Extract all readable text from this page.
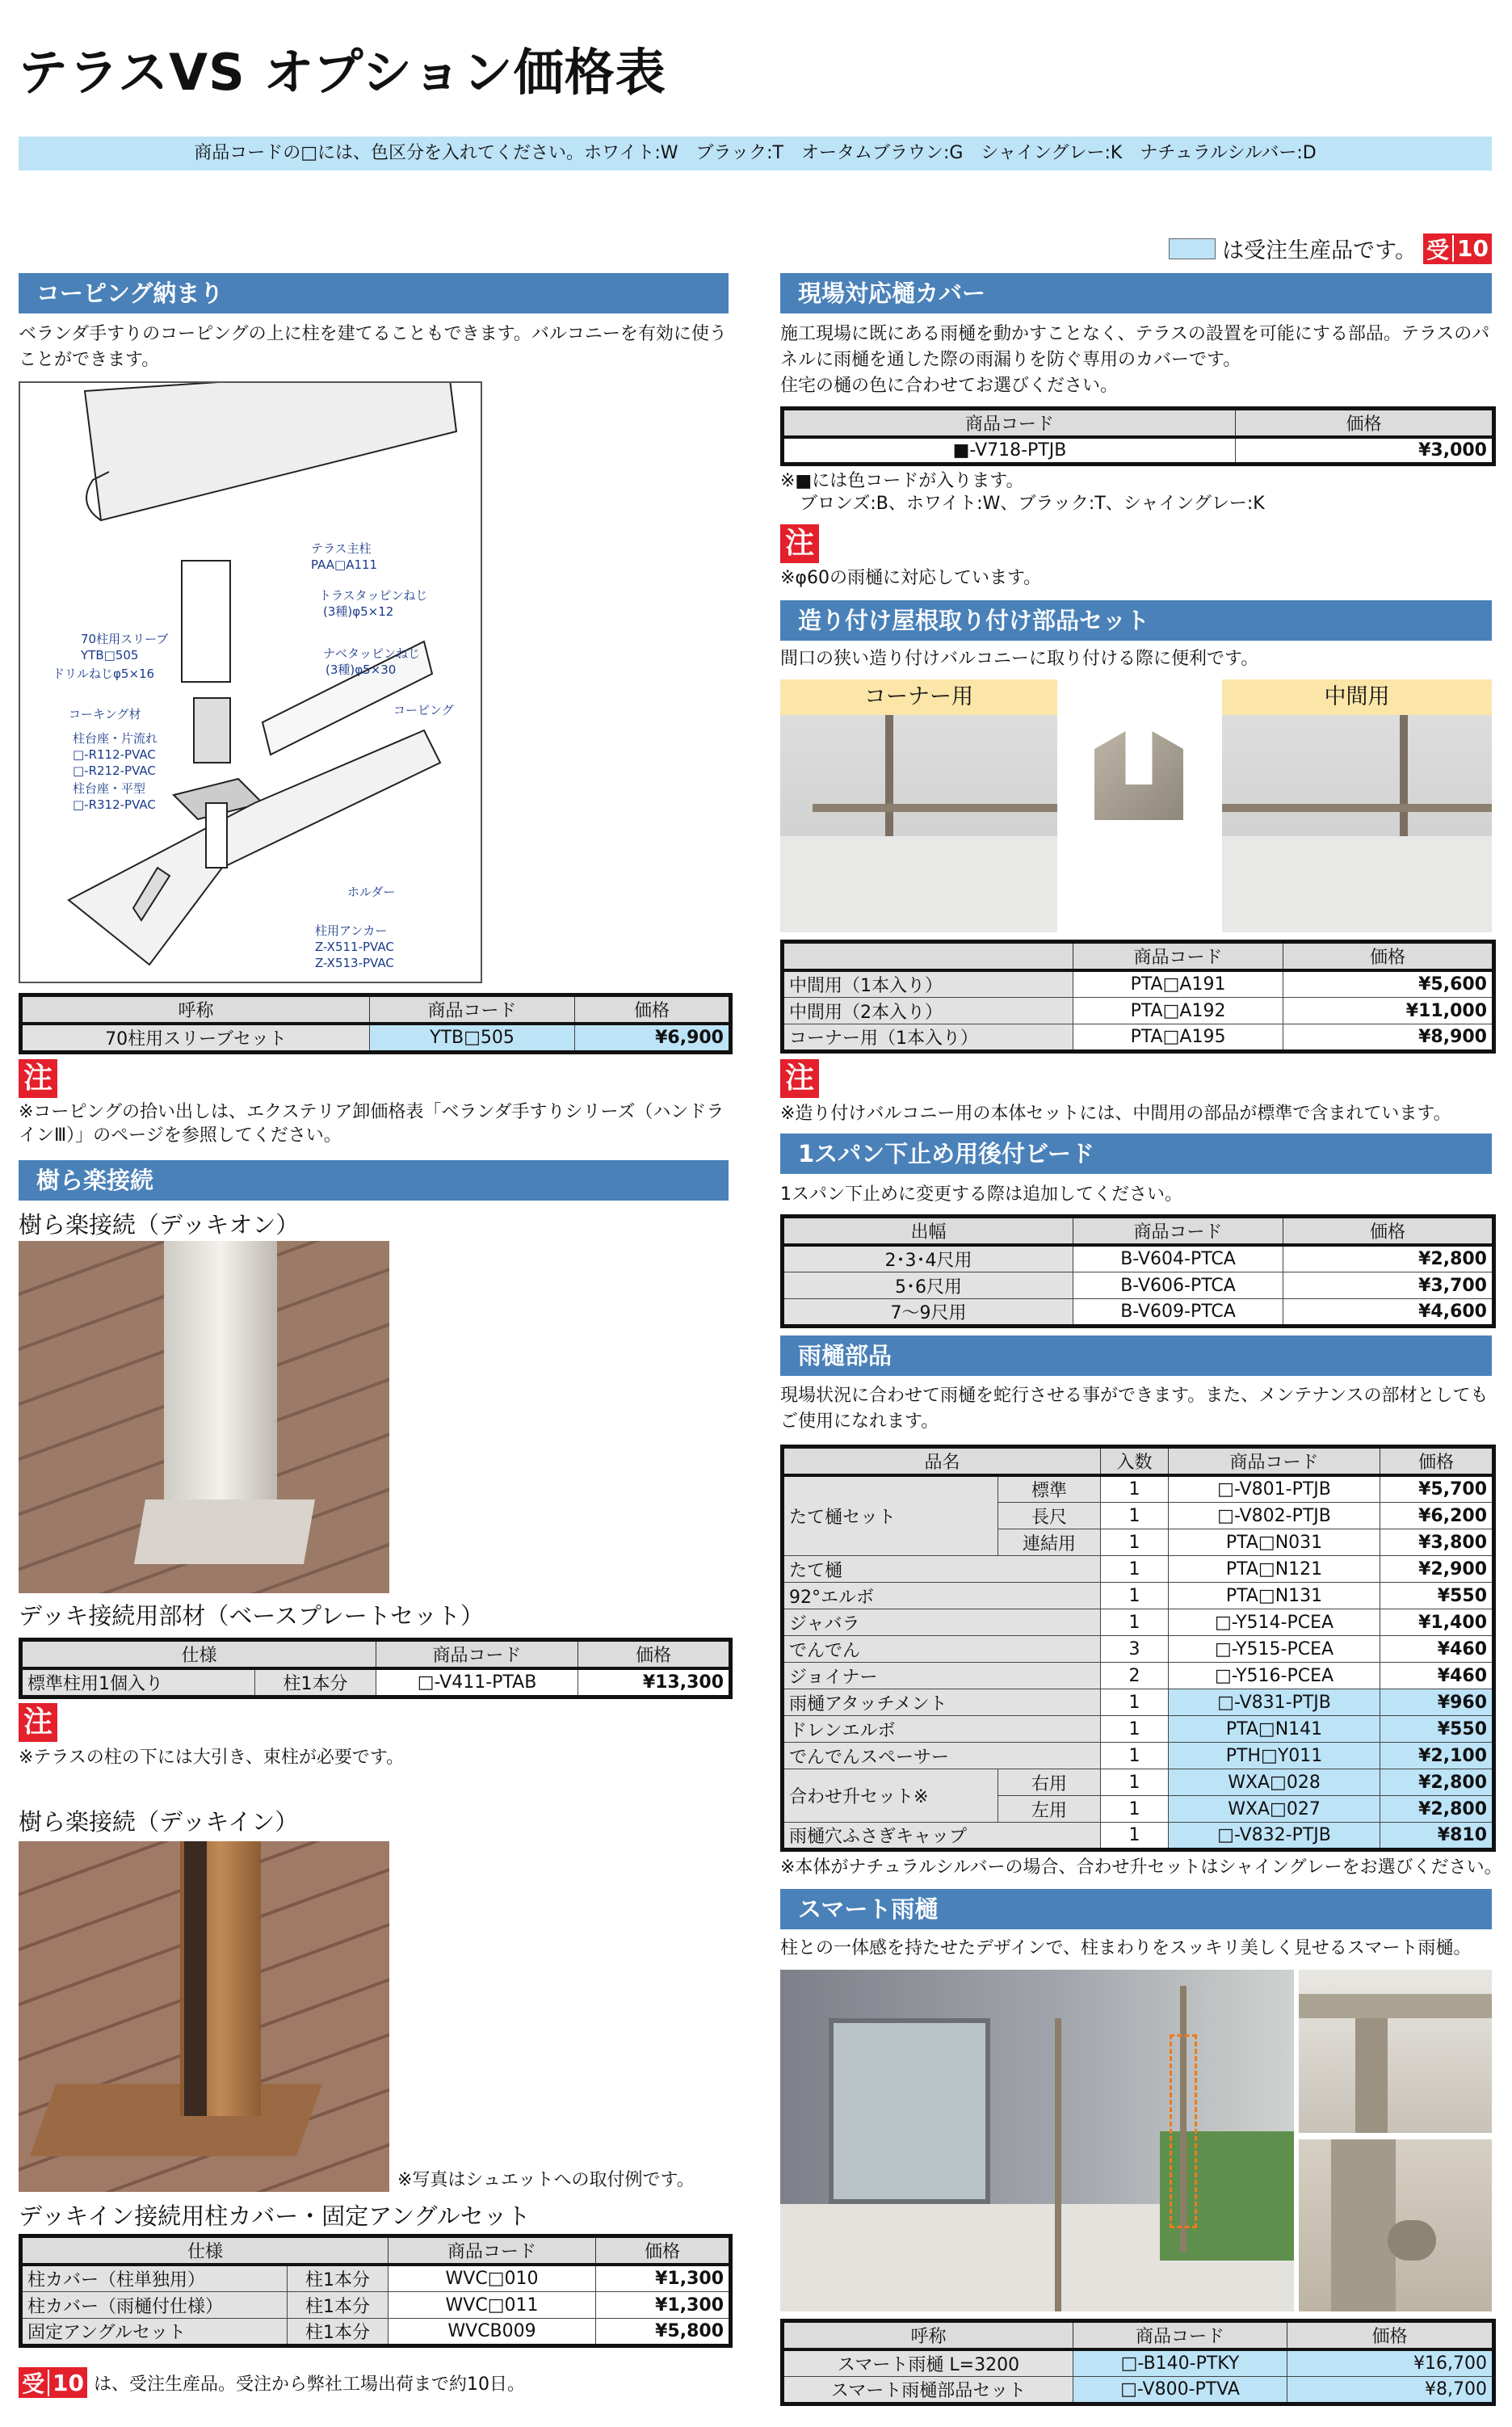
テラスVS オプション価格表
商品コードの□には、色区分を入れてください。ホワイト:W　ブラック:T　オータムブラウン:G　シャイングレー:K　ナチュラルシルバー:D
は受注生産品です。 受 10
コーピング納まり
ベランダ手すりのコーピングの上に柱を建てることもできます。バルコニーを有効に使うことができます。
テラス主柱
PAA□A111
トラスタッピンねじ
(3種)φ5×12
70柱用スリーブ
YTB□505
ドリルねじφ5×16
ナベタッピンねじ
(3種)φ5×30
コーキング材	コーピング
柱台座・片流れ
□-R112-PVAC
□-R212-PVAC
柱台座・平型
□-R312-PVAC
ホルダー
柱用アンカー
Z-X511-PVAC
Z-X513-PVAC
呼称	商品コード	価格
70柱用スリーブセット	YTB□505	¥6,900
注
※コーピングの拾い出しは、エクステリア卸価格表「ベランダ手すりシリーズ（ハンドラインⅢ）」のページを参照してください。
樹ら楽接続
樹ら楽接続（デッキオン）
デッキ接続用部材（ベースプレートセット）
仕様		商品コード	価格
標準柱用1個入り	柱1本分	□-V411-PTAB	¥13,300
注
※テラスの柱の下には大引き、束柱が必要です。
樹ら楽接続（デッキイン）
※写真はシュエットへの取付例です。
デッキイン接続用柱カバー・固定アングルセット
仕様		商品コード	価格
柱カバー（柱単独用）	柱1本分	WVC□010	¥1,300
柱カバー（雨樋付仕様）	柱1本分	WVC□011	¥1,300
固定アングルセット	柱1本分	WVCB009	¥5,800
受 10 は、受注生産品。受注から弊社工場出荷まで約10日。
現場対応樋カバー
施工現場に既にある雨樋を動かすことなく、テラスの設置を可能にする部品。テラスのパネルに雨樋を通した際の雨漏りを防ぐ専用のカバーです。
住宅の樋の色に合わせてお選びください。
商品コード	価格
■-V718-PTJB	¥3,000
※■には色コードが入ります。
ブロンズ:B、ホワイト:W、ブラック:T、シャイングレー:K
注
※φ60の雨樋に対応しています。
造り付け屋根取り付け部品セット
間口の狭い造り付けバルコニーに取り付ける際に便利です。
コーナー用	中間用
	商品コード	価格
中間用（1本入り）	PTA□A191	¥5,600
中間用（2本入り）	PTA□A192	¥11,000
コーナー用（1本入り）	PTA□A195	¥8,900
注
※造り付けバルコニー用の本体セットには、中間用の部品が標準で含まれています。
1スパン下止め用後付ビード
1スパン下止めに変更する際は追加してください。
出幅	商品コード	価格
2･3･4尺用	B-V604-PTCA	¥2,800
5･6尺用	B-V606-PTCA	¥3,700
7～9尺用	B-V609-PTCA	¥4,600
雨樋部品
現場状況に合わせて雨樋を蛇行させる事ができます。また、メンテナンスの部材としてもご使用になれます。
品名		入数	商品コード	価格
たて樋セット	標準	1	□-V801-PTJB	¥5,700
	長尺	1	□-V802-PTJB	¥6,200
	連結用	1	PTA□N031	¥3,800
たて樋		1	PTA□N121	¥2,900
92°エルボ		1	PTA□N131	¥550
ジャバラ		1	□-Y514-PCEA	¥1,400
でんでん		3	□-Y515-PCEA	¥460
ジョイナー		2	□-Y516-PCEA	¥460
雨樋アタッチメント		1	□-V831-PTJB	¥960
ドレンエルボ		1	PTA□N141	¥550
でんでんスペーサー		1	PTH□Y011	¥2,100
合わせ升セット※	右用	1	WXA□028	¥2,800
	左用	1	WXA□027	¥2,800
雨樋穴ふさぎキャップ		1	□-V832-PTJB	¥810
※本体がナチュラルシルバーの場合、合わせ升セットはシャイングレーをお選びください。
スマート雨樋
柱との一体感を持たせたデザインで、柱まわりをスッキリ美しく見せるスマート雨樋。
呼称	商品コード	価格
スマート雨樋 L=3200	□-B140-PTKY	¥16,700
スマート雨樋部品セット	□-V800-PTVA	¥8,700
